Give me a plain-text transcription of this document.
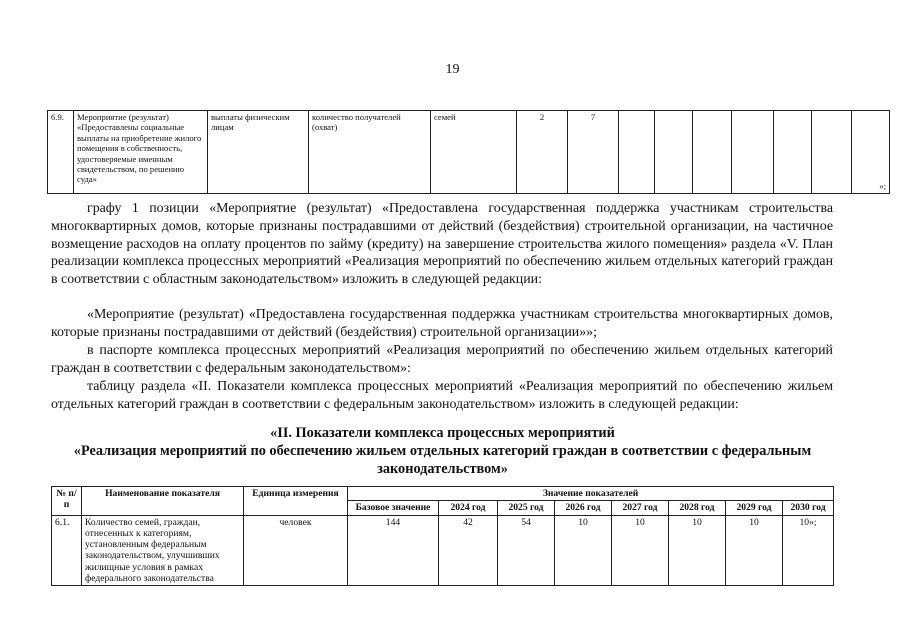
19
6.9.	Мероприятие (результат) «Предоставлены социальные выплаты на приобретение жилого помещения в собственность, удостоверяемые именным свидетельством, по решению суда»	выплаты физическим лицам	количество получателей (охват)	семей	2	7							
»;

графу 1 позиции «Мероприятие (результат) «Предоставлена государственная поддержка участникам строительства многоквартирных домов, которые признаны пострадавшими от действий (бездействия) строительной организации, на частичное возмещение расходов на оплату процентов по займу (кредиту) на завершение строительства жилого помещения» раздела «V. План реализации комплекса процессных мероприятий «Реализация мероприятий по обеспечению жильем отдельных категорий граждан в соответствии с областным законодательством» изложить в следующей редакции:

«Мероприятие (результат) «Предоставлена государственная поддержка участникам строительства многоквартирных домов, которые признаны пострадавшими от действий (бездействия) строительной организации»»;

в паспорте комплекса процессных мероприятий «Реализация мероприятий по обеспечению жильем отдельных категорий граждан в соответствии с федеральным законодательством»:

таблицу раздела «II. Показатели комплекса процессных мероприятий «Реализация мероприятий по обеспечению жильем отдельных категорий граждан в соответствии с федеральным законодательством» изложить в следующей редакции:

«II. Показатели комплекса процессных мероприятий

«Реализация мероприятий по обеспечению жильем отдельных категорий граждан в соответствии с федеральным законодательством»

№ п/п	Наименование показателя	Единица измерения	Значение показателей							
			Базовое значение	2024 год	2025 год	2026 год	2027 год	2028 год	2029 год	2030 год
6.1.	Количество семей, граждан, отнесенных к категориям, установленным федеральным законодательством, улучшивших жилищные условия в рамках федерального законодательства	человек	144	42	54	10	10	10	10	10»;
